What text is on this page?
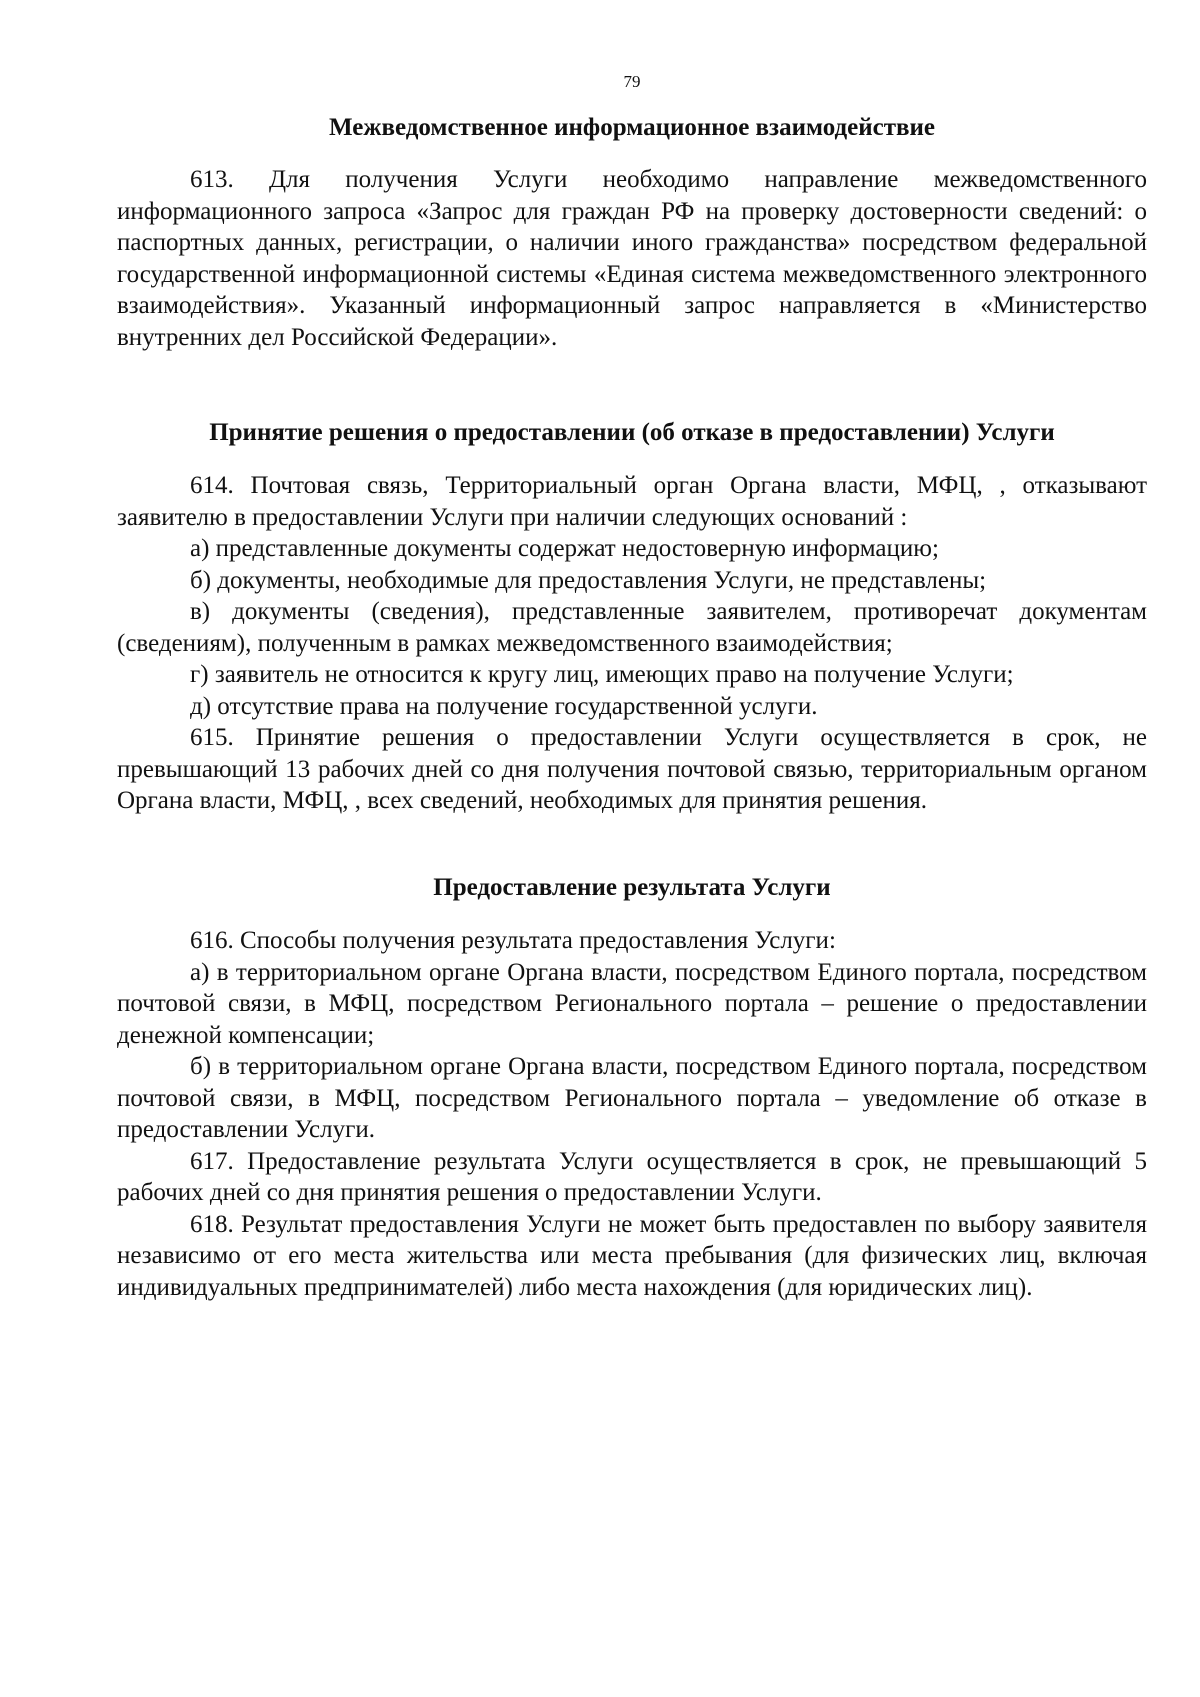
79
Межведомственное информационное взаимодействие

613. Для получения Услуги необходимо направление межведомственного информационного запроса «Запрос для граждан РФ на проверку достоверности сведений: о паспортных данных, регистрации, о наличии иного гражданства» посредством федеральной государственной информационной системы «Единая система межведомственного электронного взаимодействия». Указанный информационный запрос направляется в «Министерство внутренних дел Российской Федерации».

Принятие решения о предоставлении (об отказе в предоставлении) Услуги

614. Почтовая связь, Территориальный орган Органа власти, МФЦ, , отказывают заявителю в предоставлении Услуги при наличии следующих оснований :

а) представленные документы содержат недостоверную информацию;

б) документы, необходимые для предоставления Услуги, не представлены;

в) документы (сведения), представленные заявителем, противоречат документам (сведениям), полученным в рамках межведомственного взаимодействия;

г) заявитель не относится к кругу лиц, имеющих право на получение Услуги;

д) отсутствие права на получение государственной услуги.

615. Принятие решения о предоставлении Услуги осуществляется в срок, не превышающий 13 рабочих дней со дня получения почтовой связью, территориальным органом Органа власти, МФЦ, , всех сведений, необходимых для принятия решения.

Предоставление результата Услуги

616. Способы получения результата предоставления Услуги:

а) в территориальном органе Органа власти, посредством Единого портала, посредством почтовой связи, в МФЦ, посредством Регионального портала – решение о предоставлении денежной компенсации;

б) в территориальном органе Органа власти, посредством Единого портала, посредством почтовой связи, в МФЦ, посредством Регионального портала – уведомление об отказе в предоставлении Услуги.

617. Предоставление результата Услуги осуществляется в срок, не превышающий 5 рабочих дней со дня принятия решения о предоставлении Услуги.

618. Результат предоставления Услуги не может быть предоставлен по выбору заявителя независимо от его места жительства или места пребывания (для физических лиц, включая индивидуальных предпринимателей) либо места нахождения (для юридических лиц).
